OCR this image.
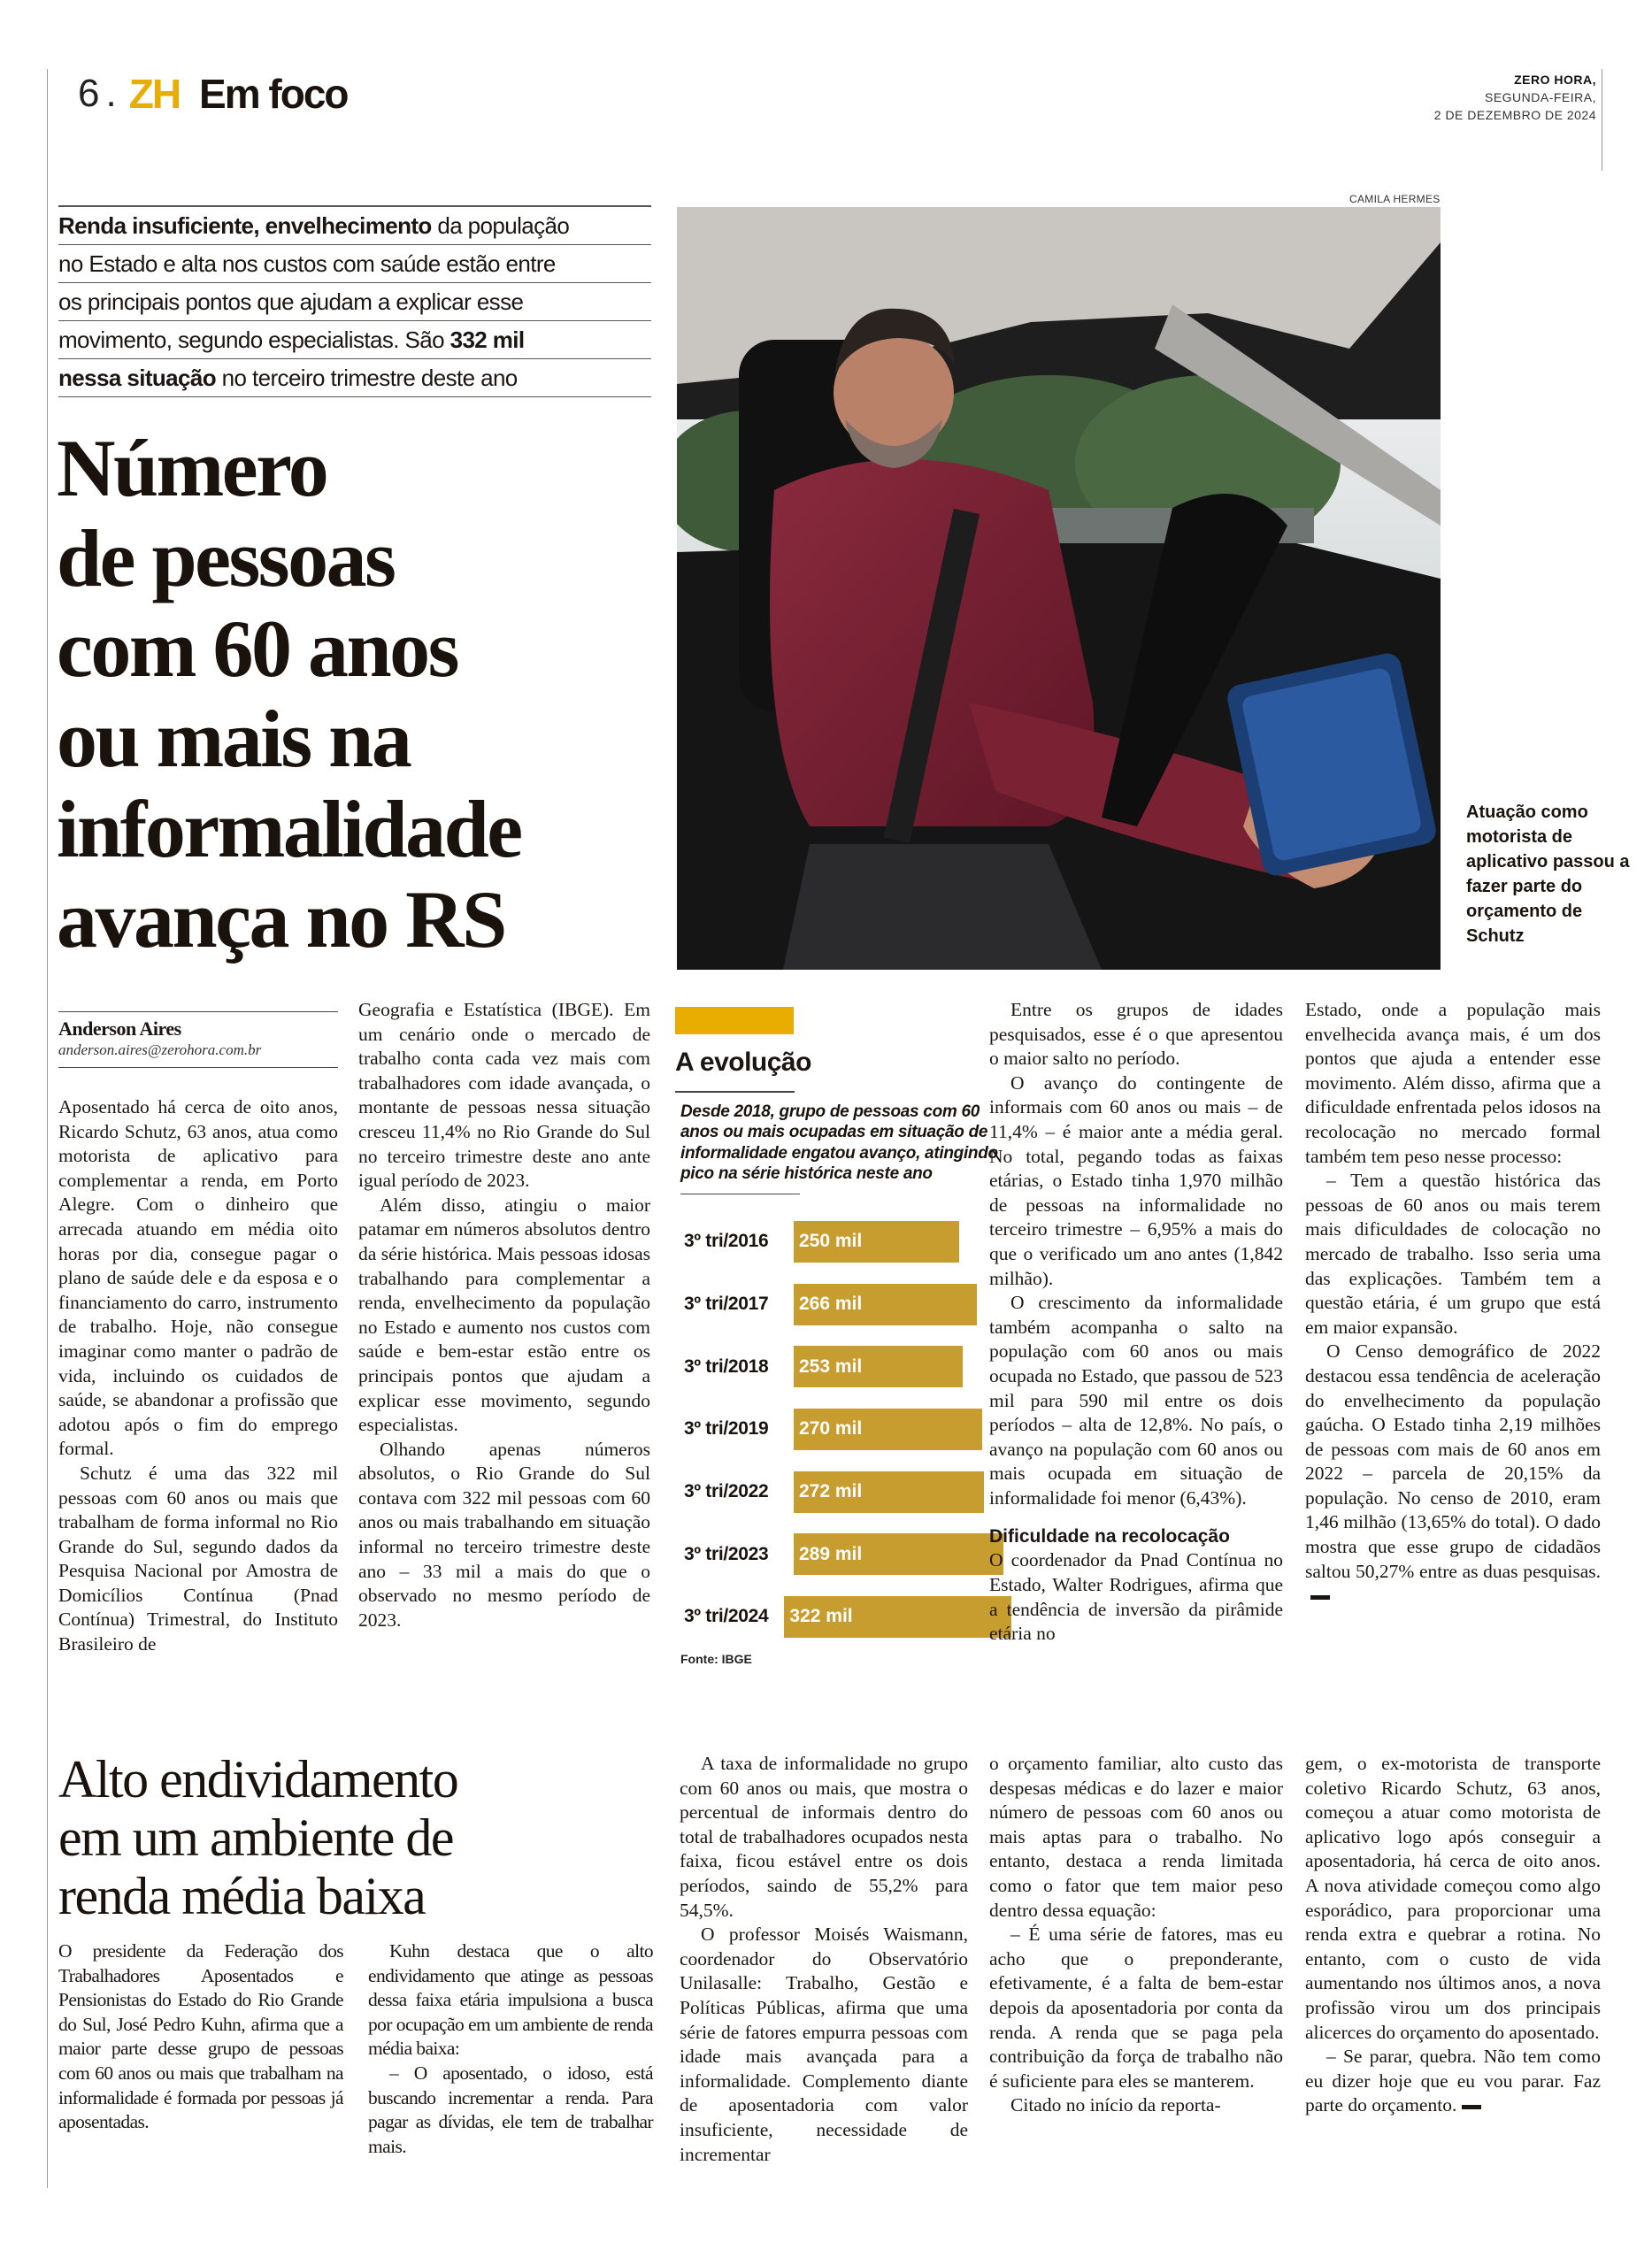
6 . ZH Em foco	ZERO HORA,
SEGUNDA-FEIRA,
2 DE DEZEMBRO DE 2024
Renda insuficiente, envelhecimento da população
no Estado e alta nos custos com saúde estão entre
os principais pontos que ajudam a explicar esse
movimento, segundo especialistas. São 332 mil
nessa situação no terceiro trimestre deste ano
Número
de pessoas
com 60 anos
ou mais na
informalidade
avança no RS
CAMILA HERMES
Atuação como motorista de aplicativo passou a fazer parte do orçamento de Schutz
Anderson Aires
anderson.aires@zerohora.com.br

Aposentado há cerca de oito anos, Ricardo Schutz, 63 anos, atua como motorista de aplicativo para complementar a renda, em Porto Alegre. Com o dinheiro que arrecada atuando em média oito horas por dia, consegue pagar o plano de saúde dele e da esposa e o financiamento do carro, instrumento de trabalho. Hoje, não consegue imaginar como manter o padrão de vida, incluindo os cuidados de saúde, se abandonar a profissão que adotou após o fim do emprego formal.

Schutz é uma das 322 mil pessoas com 60 anos ou mais que trabalham de forma informal no Rio Grande do Sul, segundo dados da Pesquisa Nacional por Amostra de Domicílios Contínua (Pnad Contínua) Trimestral, do Instituto Brasileiro de

Geografia e Estatística (IBGE). Em um cenário onde o mercado de trabalho conta cada vez mais com trabalhadores com idade avançada, o montante de pessoas nessa situação cresceu 11,4% no Rio Grande do Sul no terceiro trimestre deste ano ante igual período de 2023.

Além disso, atingiu o maior patamar em números absolutos dentro da série histórica. Mais pessoas idosas trabalhando para complementar a renda, envelhecimento da população no Estado e aumento nos custos com saúde e bem-estar estão entre os principais pontos que ajudam a explicar esse movimento, segundo especialistas.

Olhando apenas números absolutos, o Rio Grande do Sul contava com 322 mil pessoas com 60 anos ou mais trabalhando em situação informal no terceiro trimestre deste ano – 33 mil a mais do que o observado no mesmo período de 2023.

A evolução
Desde 2018, grupo de pessoas com 60 anos ou mais ocupadas em situação de informalidade engatou avanço, atingindo pico na série histórica neste ano
3º tri/2016	250 mil
3º tri/2017	266 mil
3º tri/2018	253 mil
3º tri/2019	270 mil
3º tri/2022	272 mil
3º tri/2023	289 mil
3º tri/2024	322 mil
Fonte: IBGE

Entre os grupos de idades pesquisados, esse é o que apresentou o maior salto no período.

O avanço do contingente de informais com 60 anos ou mais – de 11,4% – é maior ante a média geral. No total, pegando todas as faixas etárias, o Estado tinha 1,970 milhão de pessoas na informalidade no terceiro trimestre – 6,95% a mais do que o verificado um ano antes (1,842 milhão).

O crescimento da informalidade também acompanha o salto na população com 60 anos ou mais ocupada no Estado, que passou de 523 mil para 590 mil entre os dois períodos – alta de 12,8%. No país, o avanço na população com 60 anos ou mais ocupada em situação de informalidade foi menor (6,43%).

Dificuldade na recolocação

O coordenador da Pnad Contínua no Estado, Walter Rodrigues, afirma que a tendência de inversão da pirâmide etária no

Estado, onde a população mais envelhecida avança mais, é um dos pontos que ajuda a entender esse movimento. Além disso, afirma que a dificuldade enfrentada pelos idosos na recolocação no mercado formal também tem peso nesse processo:

– Tem a questão histórica das pessoas de 60 anos ou mais terem mais dificuldades de colocação no mercado de trabalho. Isso seria uma das explicações. Também tem a questão etária, é um grupo que está em maior expansão.

O Censo demográfico de 2022 destacou essa tendência de aceleração do envelhecimento da população gaúcha. O Estado tinha 2,19 milhões de pessoas com mais de 60 anos em 2022 – parcela de 20,15% da população. No censo de 2010, eram 1,46 milhão (13,65% do total). O dado mostra que esse grupo de cidadãos saltou 50,27% entre as duas pesquisas.

Alto endividamento
em um ambiente de
renda média baixa

O presidente da Federação dos Trabalhadores Aposentados e Pensionistas do Estado do Rio Grande do Sul, José Pedro Kuhn, afirma que a maior parte desse grupo de pessoas com 60 anos ou mais que trabalham na informalidade é formada por pessoas já aposentadas.

Kuhn destaca que o alto endividamento que atinge as pessoas dessa faixa etária impulsiona a busca por ocupação em um ambiente de renda média baixa:

– O aposentado, o idoso, está buscando incrementar a renda. Para pagar as dívidas, ele tem de trabalhar mais.

A taxa de informalidade no grupo com 60 anos ou mais, que mostra o percentual de informais dentro do total de trabalhadores ocupados nesta faixa, ficou estável entre os dois períodos, saindo de 55,2% para 54,5%.

O professor Moisés Waismann, coordenador do Observatório Unilasalle: Trabalho, Gestão e Políticas Públicas, afirma que uma série de fatores empurra pessoas com idade mais avançada para a informalidade. Complemento diante de aposentadoria com valor insuficiente, necessidade de incrementar

o orçamento familiar, alto custo das despesas médicas e do lazer e maior número de pessoas com 60 anos ou mais aptas para o trabalho. No entanto, destaca a renda limitada como o fator que tem maior peso dentro dessa equação:

– É uma série de fatores, mas eu acho que o preponderante, efetivamente, é a falta de bem-estar depois da aposentadoria por conta da renda. A renda que se paga pela contribuição da força de trabalho não é suficiente para eles se manterem.

Citado no início da reporta-

gem, o ex-motorista de transporte coletivo Ricardo Schutz, 63 anos, começou a atuar como motorista de aplicativo logo após conseguir a aposentadoria, há cerca de oito anos. A nova atividade começou como algo esporádico, para proporcionar uma renda extra e quebrar a rotina. No entanto, com o custo de vida aumentando nos últimos anos, a nova profissão virou um dos principais alicerces do orçamento do aposentado.

– Se parar, quebra. Não tem como eu dizer hoje que eu vou parar. Faz parte do orçamento.
